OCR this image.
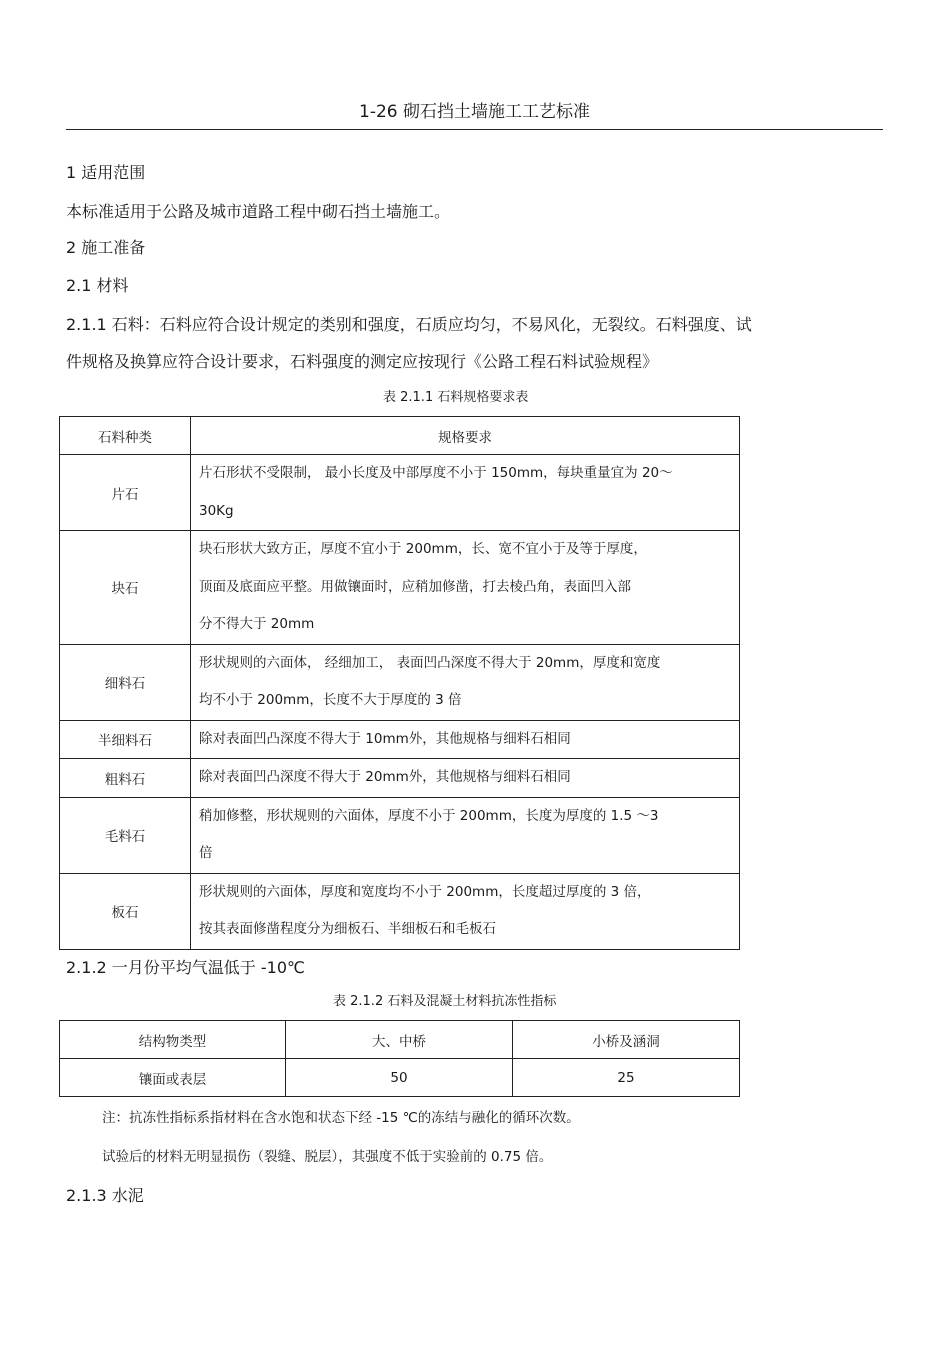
1-26 砌石挡土墙施工工艺标准
1 适用范围
本标准适用于公路及城市道路工程中砌石挡土墙施工。
2 施工准备
2.1 材料
2.1.1 石料：石料应符合设计规定的类别和强度，石质应均匀，不易风化，无裂纹。石料强度、试
件规格及换算应符合设计要求，石料强度的测定应按现行《公路工程石料试验规程》
表 2.1.1 石料规格要求表
石料种类	规格要求
片石	片石形状不受限制， 最小长度及中部厚度不小于 150mm，每块重量宜为 20～
30Kg

块石	块石形状大致方正，厚度不宜小于 200mm，长、宽不宜小于及等于厚度，
顶面及底面应平整。用做镶面时，应稍加修凿，打去棱凸角，表面凹入部
分不得大于 20mm

细料石	形状规则的六面体， 经细加工， 表面凹凸深度不得大于 20mm，厚度和宽度
均不小于 200mm，长度不大于厚度的 3 倍

半细料石	除对表面凹凸深度不得大于 10mm外，其他规格与细料石相同

粗料石	除对表面凹凸深度不得大于 20mm外，其他规格与细料石相同

毛料石	稍加修整，形状规则的六面体，厚度不小于 200mm，长度为厚度的 1.5 ～3
倍

板石	形状规则的六面体，厚度和宽度均不小于 200mm，长度超过厚度的 3 倍，
按其表面修凿程度分为细板石、半细板石和毛板石
2.1.2 一月份平均气温低于 -10℃
表 2.1.2 石料及混凝土材料抗冻性指标
结构物类型	大、中桥	小桥及涵洞
镶面或表层	50	25
注：抗冻性指标系指材料在含水饱和状态下经 -15 ℃的冻结与融化的循环次数。
试验后的材料无明显损伤（裂缝、脱层），其强度不低于实验前的 0.75 倍。
2.1.3 水泥
